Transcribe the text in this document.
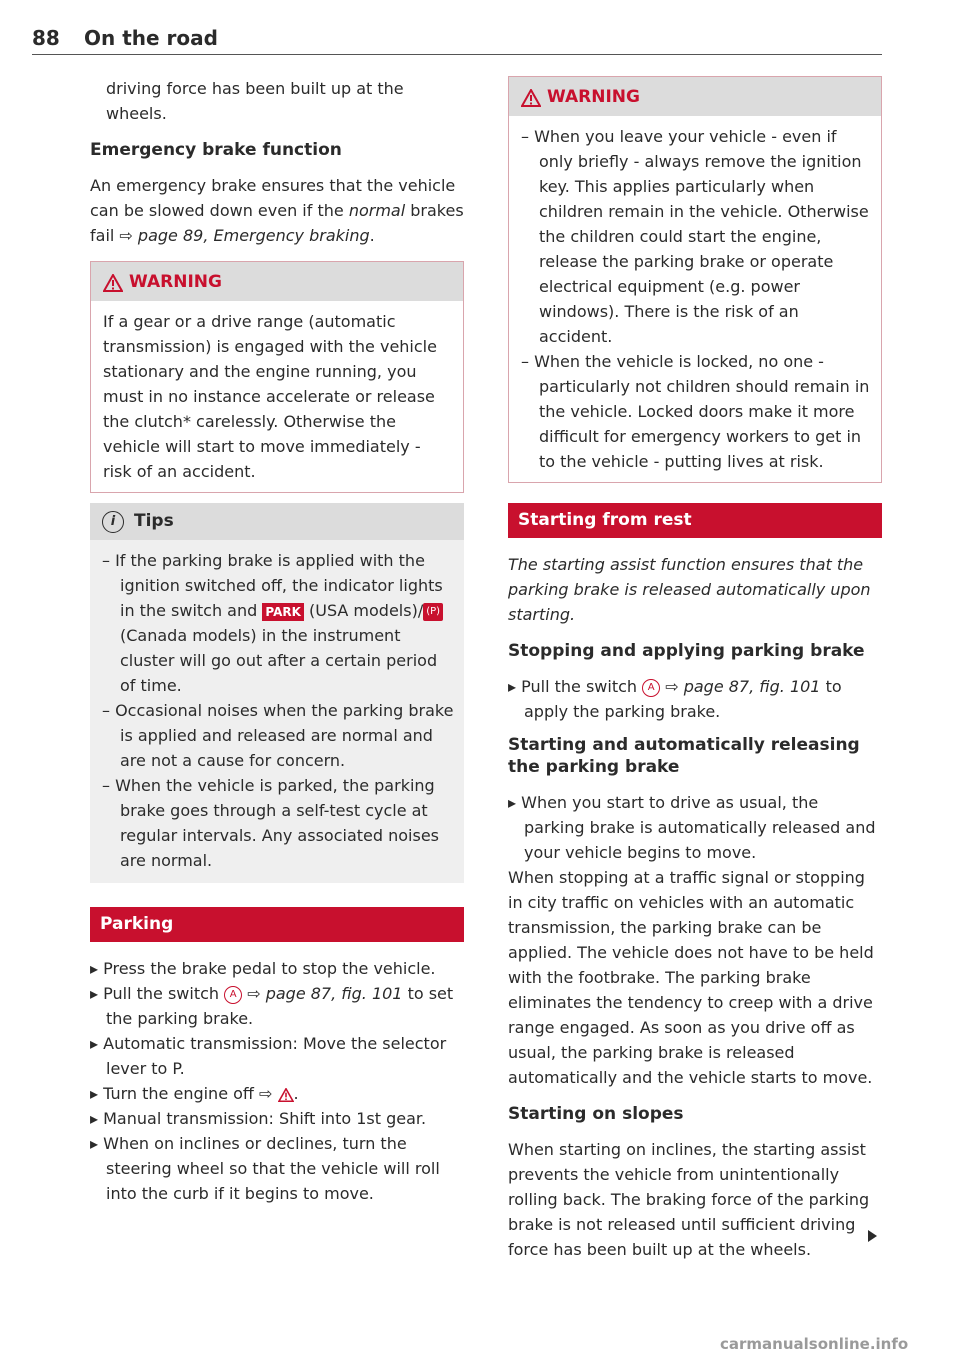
88 On the road

driving force has been built up at the wheels.

Emergency brake function

An emergency brake ensures that the vehicle can be slowed down even if the normal brakes fail ⇨ page 89, Emergency braking.

WARNING
If a gear or a drive range (automatic transmission) is engaged with the vehicle stationary and the engine running, you must in no instance accelerate or release the clutch* carelessly. Otherwise the vehicle will start to move immediately - risk of an accident.
i	Tips

– If the parking brake is applied with the ignition switched off, the indicator lights in the switch and PARK (USA models)/ (P) (Canada models) in the instrument cluster will go out after a certain period of time.

– Occasional noises when the parking brake is applied and released are normal and are not a cause for concern.

– When the vehicle is parked, the parking brake goes through a self-test cycle at regular intervals. Any associated noises are normal.

Parking

▸ Press the brake pedal to stop the vehicle.

▸ Pull the switch A ⇨ page 87, fig. 101 to set the parking brake.

▸ Automatic transmission: Move the selector lever to P.

▸ Turn the engine off ⇨ .

▸ Manual transmission: Shift into 1st gear.

▸ When on inclines or declines, turn the steering wheel so that the vehicle will roll into the curb if it begins to move.

WARNING

– When you leave your vehicle - even if only briefly - always remove the ignition key. This applies particularly when children remain in the vehicle. Otherwise the children could start the engine, release the parking brake or operate electrical equipment (e.g. power windows). There is the risk of an accident.

– When the vehicle is locked, no one - particularly not children should remain in the vehicle. Locked doors make it more difficult for emergency workers to get in to the vehicle - putting lives at risk.

Starting from rest

The starting assist function ensures that the parking brake is released automatically upon starting.

Stopping and applying parking brake

▸ Pull the switch A ⇨ page 87, fig. 101 to apply the parking brake.

Starting and automatically releasing the parking brake

▸ When you start to drive as usual, the parking brake is automatically released and your vehicle begins to move.

When stopping at a traffic signal or stopping in city traffic on vehicles with an automatic transmission, the parking brake can be applied. The vehicle does not have to be held with the footbrake. The parking brake eliminates the tendency to creep with a drive range engaged. As soon as you drive off as usual, the parking brake is released automatically and the vehicle starts to move.

Starting on slopes

When starting on inclines, the starting assist prevents the vehicle from unintentionally rolling back. The braking force of the parking brake is not released until sufficient driving force has been built up at the wheels.

carmanualsonline.info
